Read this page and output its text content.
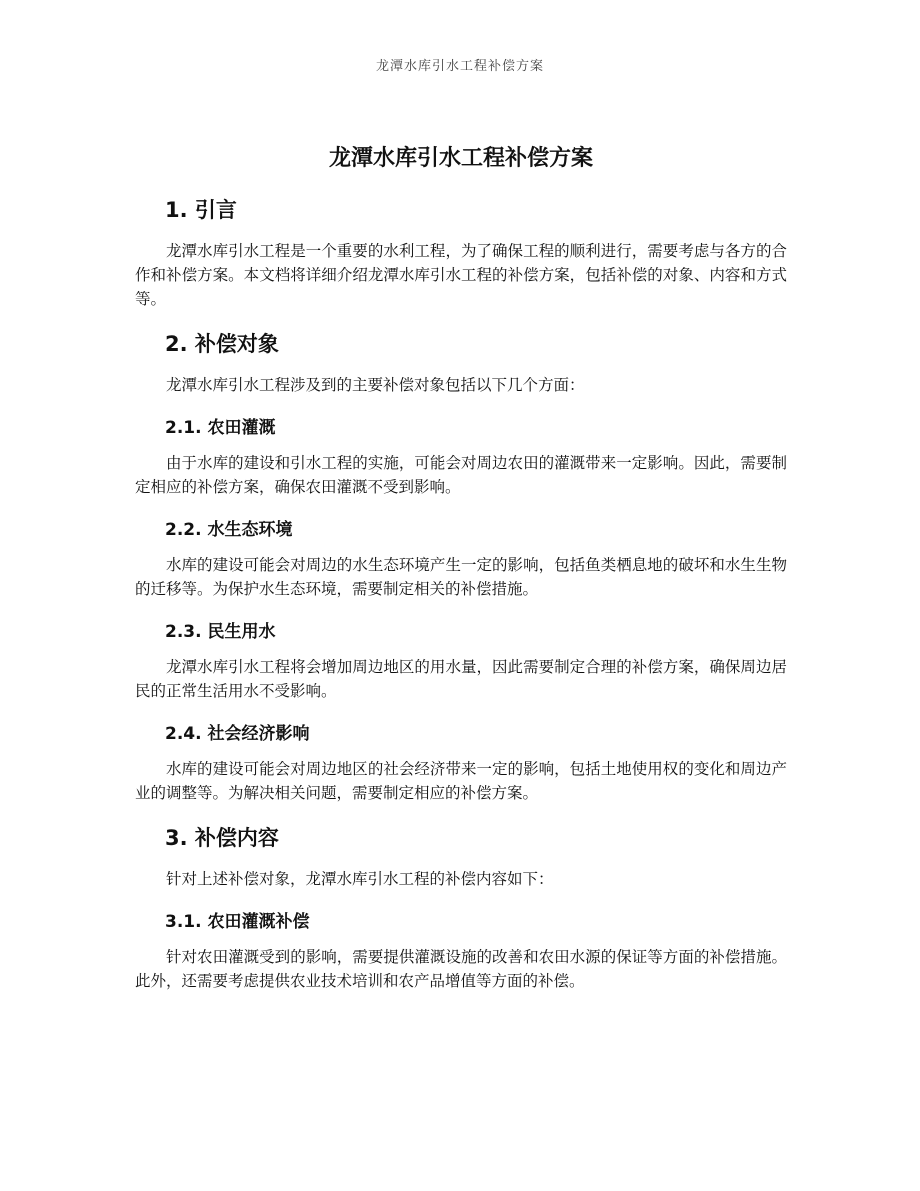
龙潭水库引水工程补偿方案
龙潭水库引水工程补偿方案
1. 引言

龙潭水库引水工程是一个重要的水利工程，为了确保工程的顺利进行，需要考虑与各方的合作和补偿方案。本文档将详细介绍龙潭水库引水工程的补偿方案，包括补偿的对象、内容和方式等。

2. 补偿对象

龙潭水库引水工程涉及到的主要补偿对象包括以下几个方面：

2.1. 农田灌溉

由于水库的建设和引水工程的实施，可能会对周边农田的灌溉带来一定影响。因此，需要制定相应的补偿方案，确保农田灌溉不受到影响。

2.2. 水生态环境

水库的建设可能会对周边的水生态环境产生一定的影响，包括鱼类栖息地的破坏和水生生物的迁移等。为保护水生态环境，需要制定相关的补偿措施。

2.3. 民生用水

龙潭水库引水工程将会增加周边地区的用水量，因此需要制定合理的补偿方案，确保周边居民的正常生活用水不受影响。

2.4. 社会经济影响

水库的建设可能会对周边地区的社会经济带来一定的影响，包括土地使用权的变化和周边产业的调整等。为解决相关问题，需要制定相应的补偿方案。

3. 补偿内容

针对上述补偿对象，龙潭水库引水工程的补偿内容如下：

3.1. 农田灌溉补偿

针对农田灌溉受到的影响，需要提供灌溉设施的改善和农田水源的保证等方面的补偿措施。此外，还需要考虑提供农业技术培训和农产品增值等方面的补偿。
